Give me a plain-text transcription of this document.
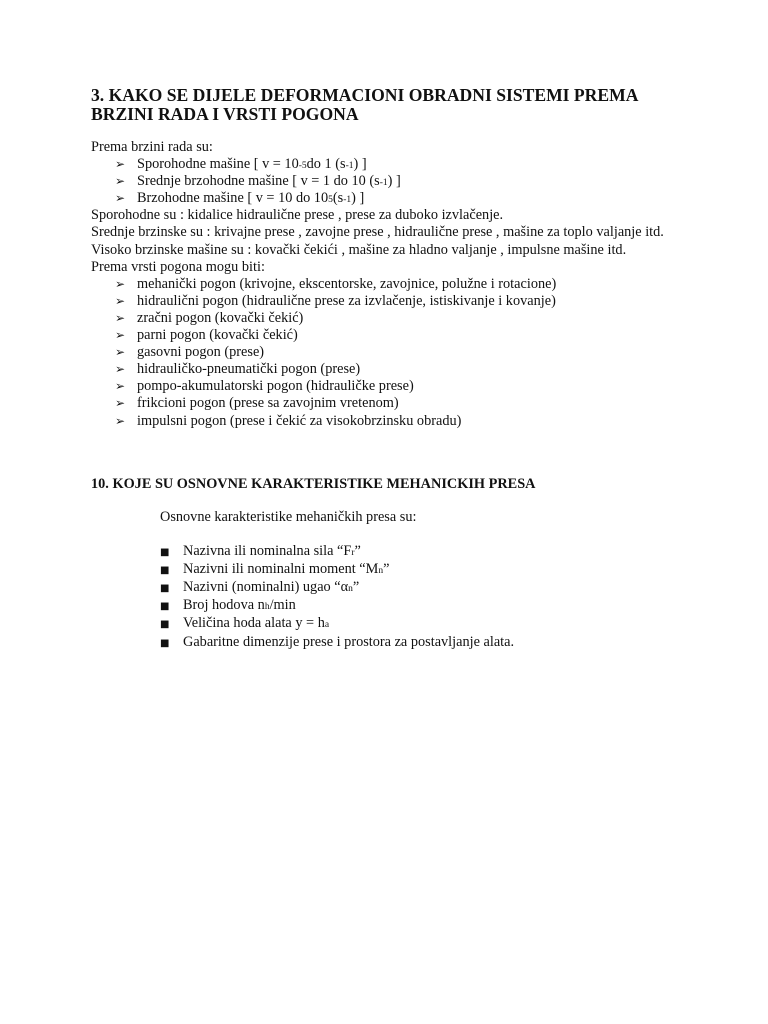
3. KAKO SE DIJELE DEFORMACIONI OBRADNI SISTEMI PREMA BRZINI RADA I VRSTI POGONA
Prema brzini rada su:
➢ Sporohodne mašine [ v = 10 -5 do 1 (s -1 ) ]
➢ Srednje brzohodne mašine [ v = 1 do 10 (s -1 ) ]
➢ Brzohodne mašine [ v = 10 do 10 5 (s -1 ) ]
Sporohodne su : kidalice hidraulične prese , prese za duboko izvlačenje.
Srednje brzinske su : krivajne prese , zavojne prese , hidraulične prese , mašine za toplo valjanje itd.
Visoko brzinske mašine su : kovački čekići , mašine za hladno valjanje , impulsne mašine itd.
Prema vrsti pogona mogu biti:
➢ mehanički pogon (krivojne, ekscentorske, zavojnice, polužne i rotacione)
➢ hidraulični pogon (hidraulične prese za izvlačenje, istiskivanje i kovanje)
➢ zračni pogon (kovački čekić)
➢ parni pogon (kovački čekić)
➢ gasovni pogon (prese)
➢ hidrauličko-pneumatički pogon (prese)
➢ pompo-akumulatorski pogon (hidrauličke prese)
➢ frikcioni pogon (prese sa zavojnim vretenom)
➢ impulsni pogon (prese i čekić za visokobrzinsku obradu)
10. KOJE SU OSNOVNE KARAKTERISTIKE MEHANICKIH PRESA
Osnovne karakteristike mehaničkih presa su:
■ Nazivna ili nominalna sila “F r ”
■ Nazivni ili nominalni moment “M n ”
■ Nazivni (nominalni) ugao “ α n ”
■ Broj hodova n h /min
■ Veličina hoda alata y = h a
■ Gabaritne dimenzije prese i prostora za postavljanje alata.
